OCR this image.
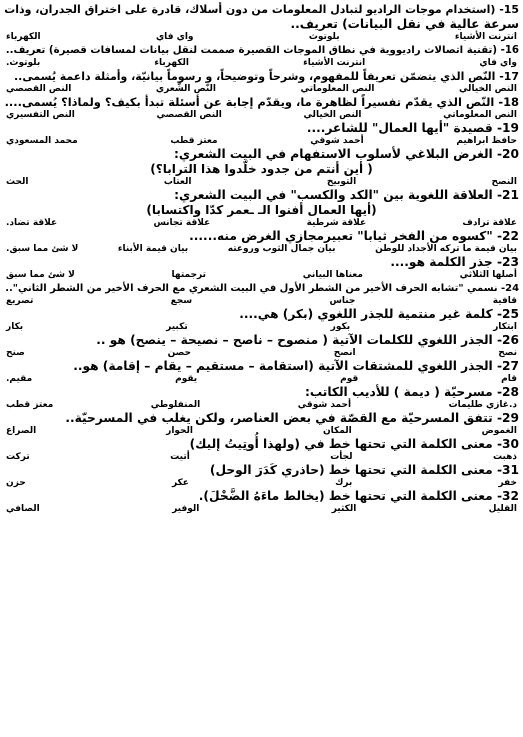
15- (استخدام موجات الراديو لتبادل المعلومات من دون أسلاك، قادرة على اختراق الجدران، وذات
سرعة عالية في نقل البيانات) تعريف..
انترنت الأشياء
بلوتوث
واي فاي
الكهرباء
16- (تقنية اتصالات راديووية في نطاق الموجات القصيرة صممت لنقل بيانات لمسافات قصيرة) تعريف..
واي فاي
انترنت الأشياء
الكهرباء
بلوتوث.
17- النّص الذي يتضمّن تعريفاً للمفهوم، وشرحاً وتوضيحاً، و رسوماً بيانيّة، وأمثلة داعمة يُسمى..
النص الخيالي
النص المعلوماتي
النّص الشّعري
النص القصصي
18- النّص الذي يقدّم تفسيراً لظاهرة ما، ويقدّم إجابة عن أسئلة تبدأ بكيف؟ ولماذا؟ يُسمى....
النص المعلوماتي
النص الخيالي
النص القصصي
النص التفسيري
19- قصيدة "أيها العمال" للشاعر....
حافظ ابراهيم
أحمد شوقي
معتز قطب
محمد المسعودي
20- الغرض البلاغي لأسلوب الاستفهام في البيت الشعري:
( أين أنتم من جدود خلّدوا هذا الترابا؟)
النصح
التوبيخ
العتاب
الحث
21- العلاقة اللغوية بين "الكد والكسب" في البيت الشعري:
(أيها العمال أفنوا الـ ـعمر كدّا واكتسابا)
علاقة ترادف
علاقة شرطية
علاقة تجانس
علاقة تضاد.
22- "كسوه من الفخر ثيابا" تعبيرمجازي الغرض منه......
بيان قيمة ما تركه الأجداد للوطن
بيان جمال الثوب وروعته
بيان قيمة الأبناء
لا شئ مما سبق.
23- جذر الكلمة هو....
أصلها الثلاثي
معناها البياني
ترجمتها
لا شئ مما سبق
24- نسمي "تشابه الحرف الأخير من الشطر الأول في البيت الشعري مع الحرف الأخير من الشطر الثاني"..
قافية
جناس
سجع
تصريع
25- كلمة غير منتمية للجذر اللغوي (بكر) هي....
ابتكار
بكور
تكبير
بكار
26- الجذر اللغوي للكلمات الآتية ( منصوح – ناصح – نصيحة – ينصح) هو ..
نصح
انصح
حصن
صنح
27- الجذر اللغوي للمشتقات الآتية (استقامة – مستقيم – يقام – إقامة) هو..
قام
قوم
يقوم
مقيم.
28- مسرحيّة ( ديمة ) للأديب الكاتب:
د.غازي طليمات
أحمد شوقي
المنفلوطي
معتز قطب
29- تتفق المسرحيّة مع القصّة في بعض العناصر، ولكن يغلب في المسرحيّة..
الغموض
المكان
الحوار
الصراع
30- معنى الكلمة التي تحتها خط في (ولهذا أُوتِيتُ إليك)
ذهبت
لجأت
أتيت
تركت
31- معنى الكلمة التي تحتها خط (حاذري كَدَرَ الوحل)
خفر
برك
عكر
حزن
32- معنى الكلمة التي تحتها خط (يخالط ماءَهُ الضَّحْلَ).
القليل
الكثير
الوفير
الصافي
